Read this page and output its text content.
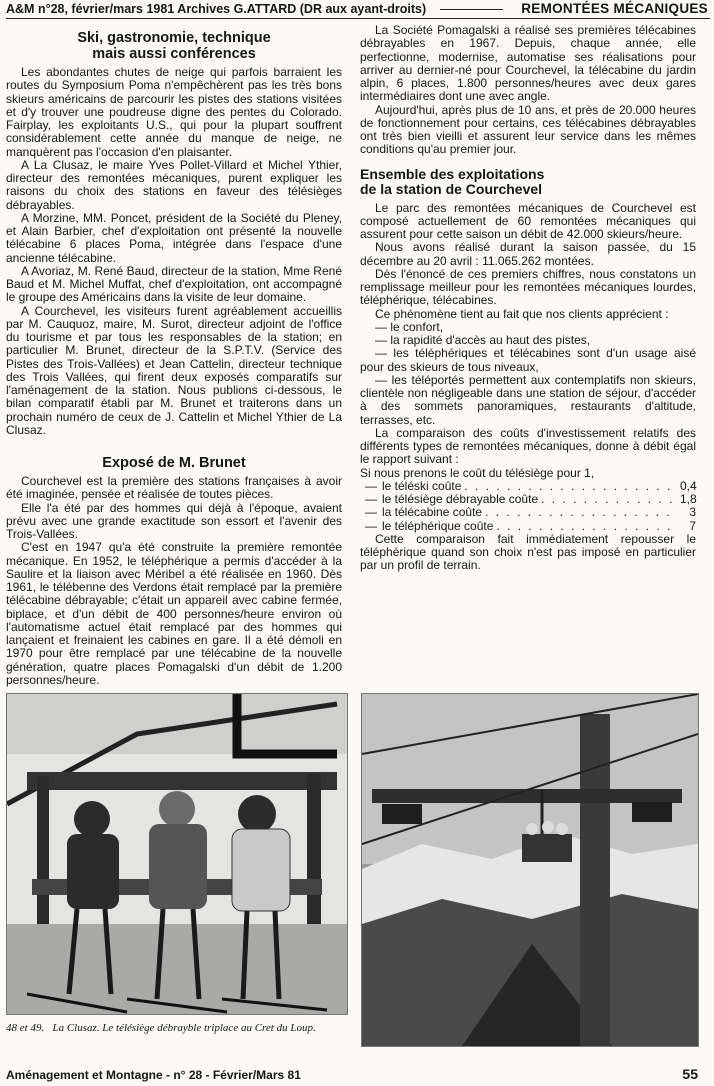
A&M n°28, février/mars 1981 Archives G.ATTARD (DR aux ayant-droits)	REMONTÉES MÉCANIQUES
Ski, gastronomie, technique
mais aussi conférences

Les abondantes chutes de neige qui parfois barraient les routes du Symposium Poma n'empêchèrent pas les très bons skieurs américains de parcourir les pistes des stations visitées et d'y trouver une poudreuse digne des pentes du Colorado. Fairplay, les exploitants U.S., qui pour la plupart souffrent considérablement cette année du manque de neige, ne manquèrent pas l'occasion d'en plaisanter.

A La Clusaz, le maire Yves Pollet-Villard et Michel Ythier, directeur des remontées mécaniques, purent expliquer les raisons du choix des stations en faveur des télésièges débrayables.

A Morzine, MM. Poncet, président de la Société du Pleney, et Alain Barbier, chef d'exploitation ont présenté la nouvelle télécabine 6 places Poma, intégrée dans l'espace d'une ancienne télécabine.

A Avoriaz, M. René Baud, directeur de la station, Mme René Baud et M. Michel Muffat, chef d'exploitation, ont accompagné le groupe des Américains dans la visite de leur domaine.

A Courchevel, les visiteurs furent agréablement accueillis par M. Cauquoz, maire, M. Surot, directeur adjoint de l'office du tourisme et par tous les responsables de la station; en particulier M. Brunet, directeur de la S.P.T.V. (Service des Pistes des Trois-Vallées) et Jean Cattelin, directeur technique des Trois Vallées, qui firent deux exposés comparatifs sur l'aménagement de la station. Nous publions ci-dessous, le bilan comparatif établi par M. Brunet et traiterons dans un prochain numéro de ceux de J. Cattelin et Michel Ythier de La Clusaz.

Exposé de M. Brunet

Courchevel est la première des stations françaises à avoir été imaginée, pensée et réalisée de toutes pièces.

Elle l'a été par des hommes qui déjà à l'époque, avaient prévu avec une grande exactitude son essort et l'avenir des Trois-Vallées.

C'est en 1947 qu'a été construite la première remontée mécanique. En 1952, le téléphérique a permis d'accéder à la Saulire et la liaison avec Méribel a été réalisée en 1960. Dès 1961, le télébenne des Verdons était remplacé par la première télécabine débrayable; c'était un appareil avec cabine fermée, biplace, et d'un débit de 400 personnes/heure environ où l'automatisme actuel était remplacé par des hommes qui lançaient et freinaient les cabines en gare. Il a été démoli en 1970 pour être remplacé par une télécabine de la nouvelle génération, quatre places Pomagalski d'un débit de 1.200 personnes/heure.

La Société Pomagalski a réalisé ses premières télécabines débrayables en 1967. Depuis, chaque année, elle perfectionne, modernise, automatise ses réalisations pour arriver au dernier-né pour Courchevel, la télécabine du jardin alpin, 6 places, 1.800 personnes/heures avec deux gares intermédiaires dont une avec angle.

Aujourd'hui, après plus de 10 ans, et près de 20.000 heures de fonctionnement pour certains, ces télécabines débrayables ont très bien vieilli et assurent leur service dans les mêmes conditions qu'au premier jour.

Ensemble des exploitations
de la station de Courchevel

Le parc des remontées mécaniques de Courchevel est composé actuellement de 60 remontées mécaniques qui assurent pour cette saison un débit de 42.000 skieurs/heure.

Nous avons réalisé durant la saison passée, du 15 décembre au 20 avril : 11.065.262 montées.

Dès l'énoncé de ces premiers chiffres, nous constatons un remplissage meilleur pour les remontées mécaniques lourdes, téléphérique, télécabines.

Ce phénomène tient au fait que nos clients apprécient :

— le confort,
— la rapidité d'accès au haut des pistes,
— les téléphériques et télécabines sont d'un usage aisé pour des skieurs de tous niveaux,
— les téléportés permettent aux contemplatifs non skieurs, clientèle non négligeable dans une station de séjour, d'accéder à des sommets panoramiques, restaurants d'altitude, terrasses, etc.

La comparaison des coûts d'investissement relatifs des différents types de remontées mécaniques, donne à débit égal le rapport suivant :

Si nous prenons le coût du télésiège pour 1,

— le téléski coûte . . .	0,4
— le télésiège débrayable coûte . . .	1,8
— la télécabine coûte . . .	3
— le téléphérique coûte . . .	7

Cette comparaison fait immédiatement repousser le téléphérique quand son choix n'est pas imposé en particulier par un profil de terrain.

48 et 49. La Clusaz. Le télésiège débrayble triplace au Cret du Loup.
Aménagement et Montagne - n° 28 - Février/Mars 81	55
